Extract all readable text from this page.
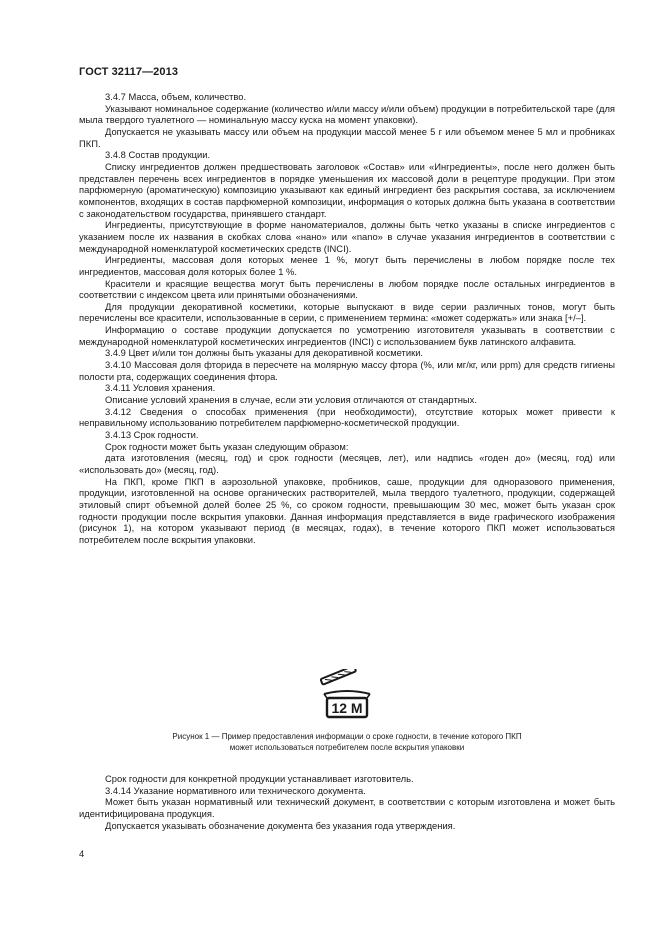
ГОСТ 32117—2013

3.4.7 Масса, объем, количество.

Указывают номинальное содержание (количество и/или массу и/или объем) продукции в потребительской таре (для мыла твердого туалетного — номинальную массу куска на момент упаковки).

Допускается не указывать массу или объем на продукции массой менее 5 г или объемом менее 5 мл и пробниках ПКП.

3.4.8 Состав продукции.

Списку ингредиентов должен предшествовать заголовок «Состав» или «Ингредиенты», после него должен быть представлен перечень всех ингредиентов в порядке уменьшения их массовой доли в рецептуре продукции. При этом парфюмерную (ароматическую) композицию указывают как единый ингредиент без раскрытия состава, за исключением компонентов, входящих в состав парфюмерной композиции, информация о которых должна быть указана в соответствии с законодательством государства, принявшего стандарт.

Ингредиенты, присутствующие в форме наноматериалов, должны быть четко указаны в списке ингредиентов с указанием после их названия в скобках слова «нано» или «nano» в случае указания ингредиентов в соответствии с международной номенклатурой косметических средств (INCI).

Ингредиенты, массовая доля которых менее 1 %, могут быть перечислены в любом порядке после тех ингредиентов, массовая доля которых более 1 %.

Красители и красящие вещества могут быть перечислены в любом порядке после остальных ингредиентов в соответствии с индексом цвета или принятыми обозначениями.

Для продукции декоративной косметики, которые выпускают в виде серии различных тонов, могут быть перечислены все красители, использованные в серии, с применением термина: «может содержать» или знака [+/–].

Информацию о составе продукции допускается по усмотрению изготовителя указывать в соответствии с международной номенклатурой косметических ингредиентов (INCI) с использованием букв латинского алфавита.

3.4.9 Цвет и/или тон должны быть указаны для декоративной косметики.

3.4.10 Массовая доля фторида в пересчете на молярную массу фтора (%, или мг/кг, или ppm) для средств гигиены полости рта, содержащих соединения фтора.

3.4.11 Условия хранения.

Описание условий хранения в случае, если эти условия отличаются от стандартных.

3.4.12 Сведения о способах применения (при необходимости), отсутствие которых может привести к неправильному использованию потребителем парфюмерно-косметической продукции.

3.4.13 Срок годности.

Срок годности может быть указан следующим образом:

дата изготовления (месяц, год) и срок годности (месяцев, лет), или надпись «годен до» (месяц, год) или «использовать до» (месяц, год).

На ПКП, кроме ПКП в аэрозольной упаковке, пробников, саше, продукции для одноразового применения, продукции, изготовленной на основе органических растворителей, мыла твердого туалетного, продукции, содержащей этиловый спирт объемной долей более 25 %, со сроком годности, превышающим 30 мес, может быть указан срок годности продукции после вскрытия упаковки. Данная информация представляется в виде графического изображения (рисунок 1), на котором указывают период (в месяцах, годах), в течение которого ПКП может использоваться потребителем после вскрытия упаковки.

12 M
Рисунок 1 — Пример предоставления информации о сроке годности, в течение которого ПКП
может использоваться потребителем после вскрытия упаковки

Срок годности для конкретной продукции устанавливает изготовитель.

3.4.14 Указание нормативного или технического документа.

Может быть указан нормативный или технический документ, в соответствии с которым изготовлена и может быть идентифицирована продукция.

Допускается указывать обозначение документа без указания года утверждения.

4
